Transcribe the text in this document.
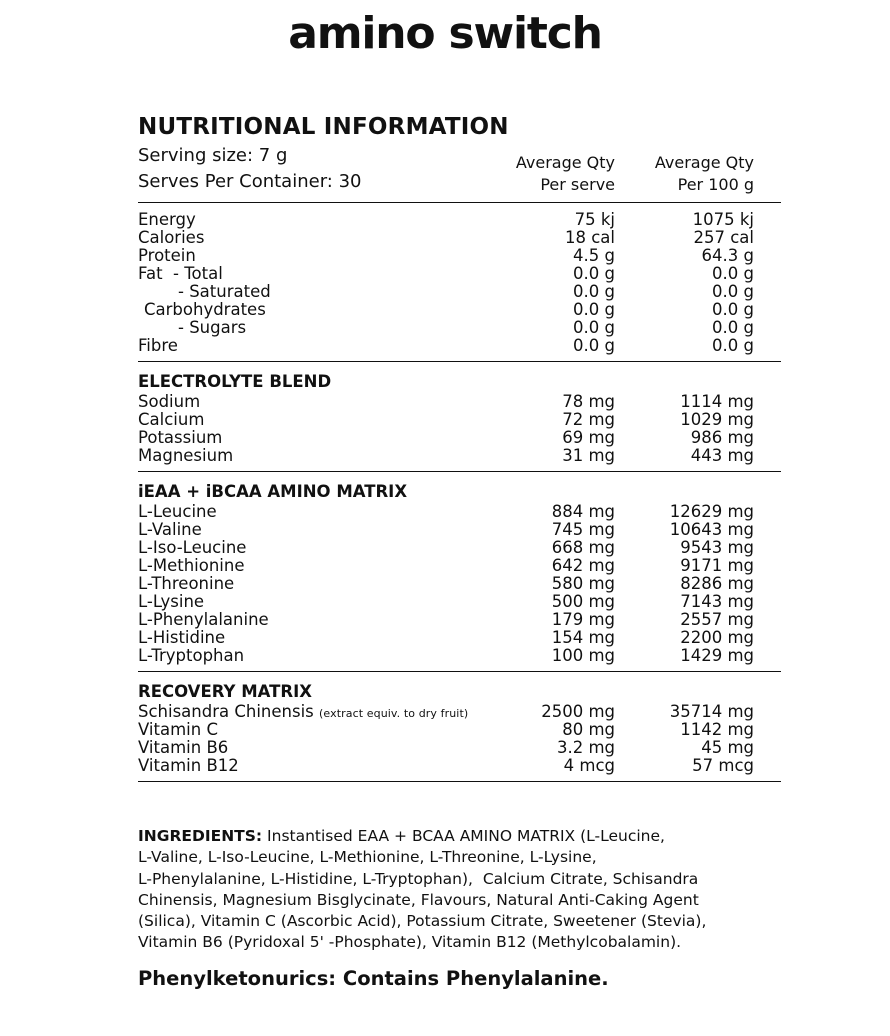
amino switch
NUTRITIONAL INFORMATION
Serving size: 7 g
Serves Per Container: 30
Average Qty
Per serve
Average Qty
Per 100 g
Energy	75 kj	1075 kj
Calories	18 cal	257 cal
Protein	4.5 g	64.3 g
Fat  - Total	0.0 g	0.0 g
- Saturated	0.0 g	0.0 g
Carbohydrates	0.0 g	0.0 g
- Sugars	0.0 g	0.0 g
Fibre	0.0 g	0.0 g
ELECTROLYTE BLEND
Sodium	78 mg	1114 mg
Calcium	72 mg	1029 mg
Potassium	69 mg	986 mg
Magnesium	31 mg	443 mg
iEAA + iBCAA AMINO MATRIX
L-Leucine	884 mg	12629 mg
L-Valine	745 mg	10643 mg
L-Iso-Leucine	668 mg	9543 mg
L-Methionine	642 mg	9171 mg
L-Threonine	580 mg	8286 mg
L-Lysine	500 mg	7143 mg
L-Phenylalanine	179 mg	2557 mg
L-Histidine	154 mg	2200 mg
L-Tryptophan	100 mg	1429 mg
RECOVERY MATRIX
Schisandra Chinensis (extract equiv. to dry fruit)	2500 mg	35714 mg
Vitamin C	80 mg	1142 mg
Vitamin B6	3.2 mg	45 mg
Vitamin B12	4 mcg	57 mcg
INGREDIENTS: Instantised EAA + BCAA AMINO MATRIX (L-Leucine,
L-Valine, L-Iso-Leucine, L-Methionine, L-Threonine, L-Lysine,
L-Phenylalanine, L-Histidine, L-Tryptophan),  Calcium Citrate, Schisandra
Chinensis, Magnesium Bisglycinate, Flavours, Natural Anti-Caking Agent
(Silica), Vitamin C (Ascorbic Acid), Potassium Citrate, Sweetener (Stevia),
Vitamin B6 (Pyridoxal 5' -Phosphate), Vitamin B12 (Methylcobalamin).
Phenylketonurics: Contains Phenylalanine.
